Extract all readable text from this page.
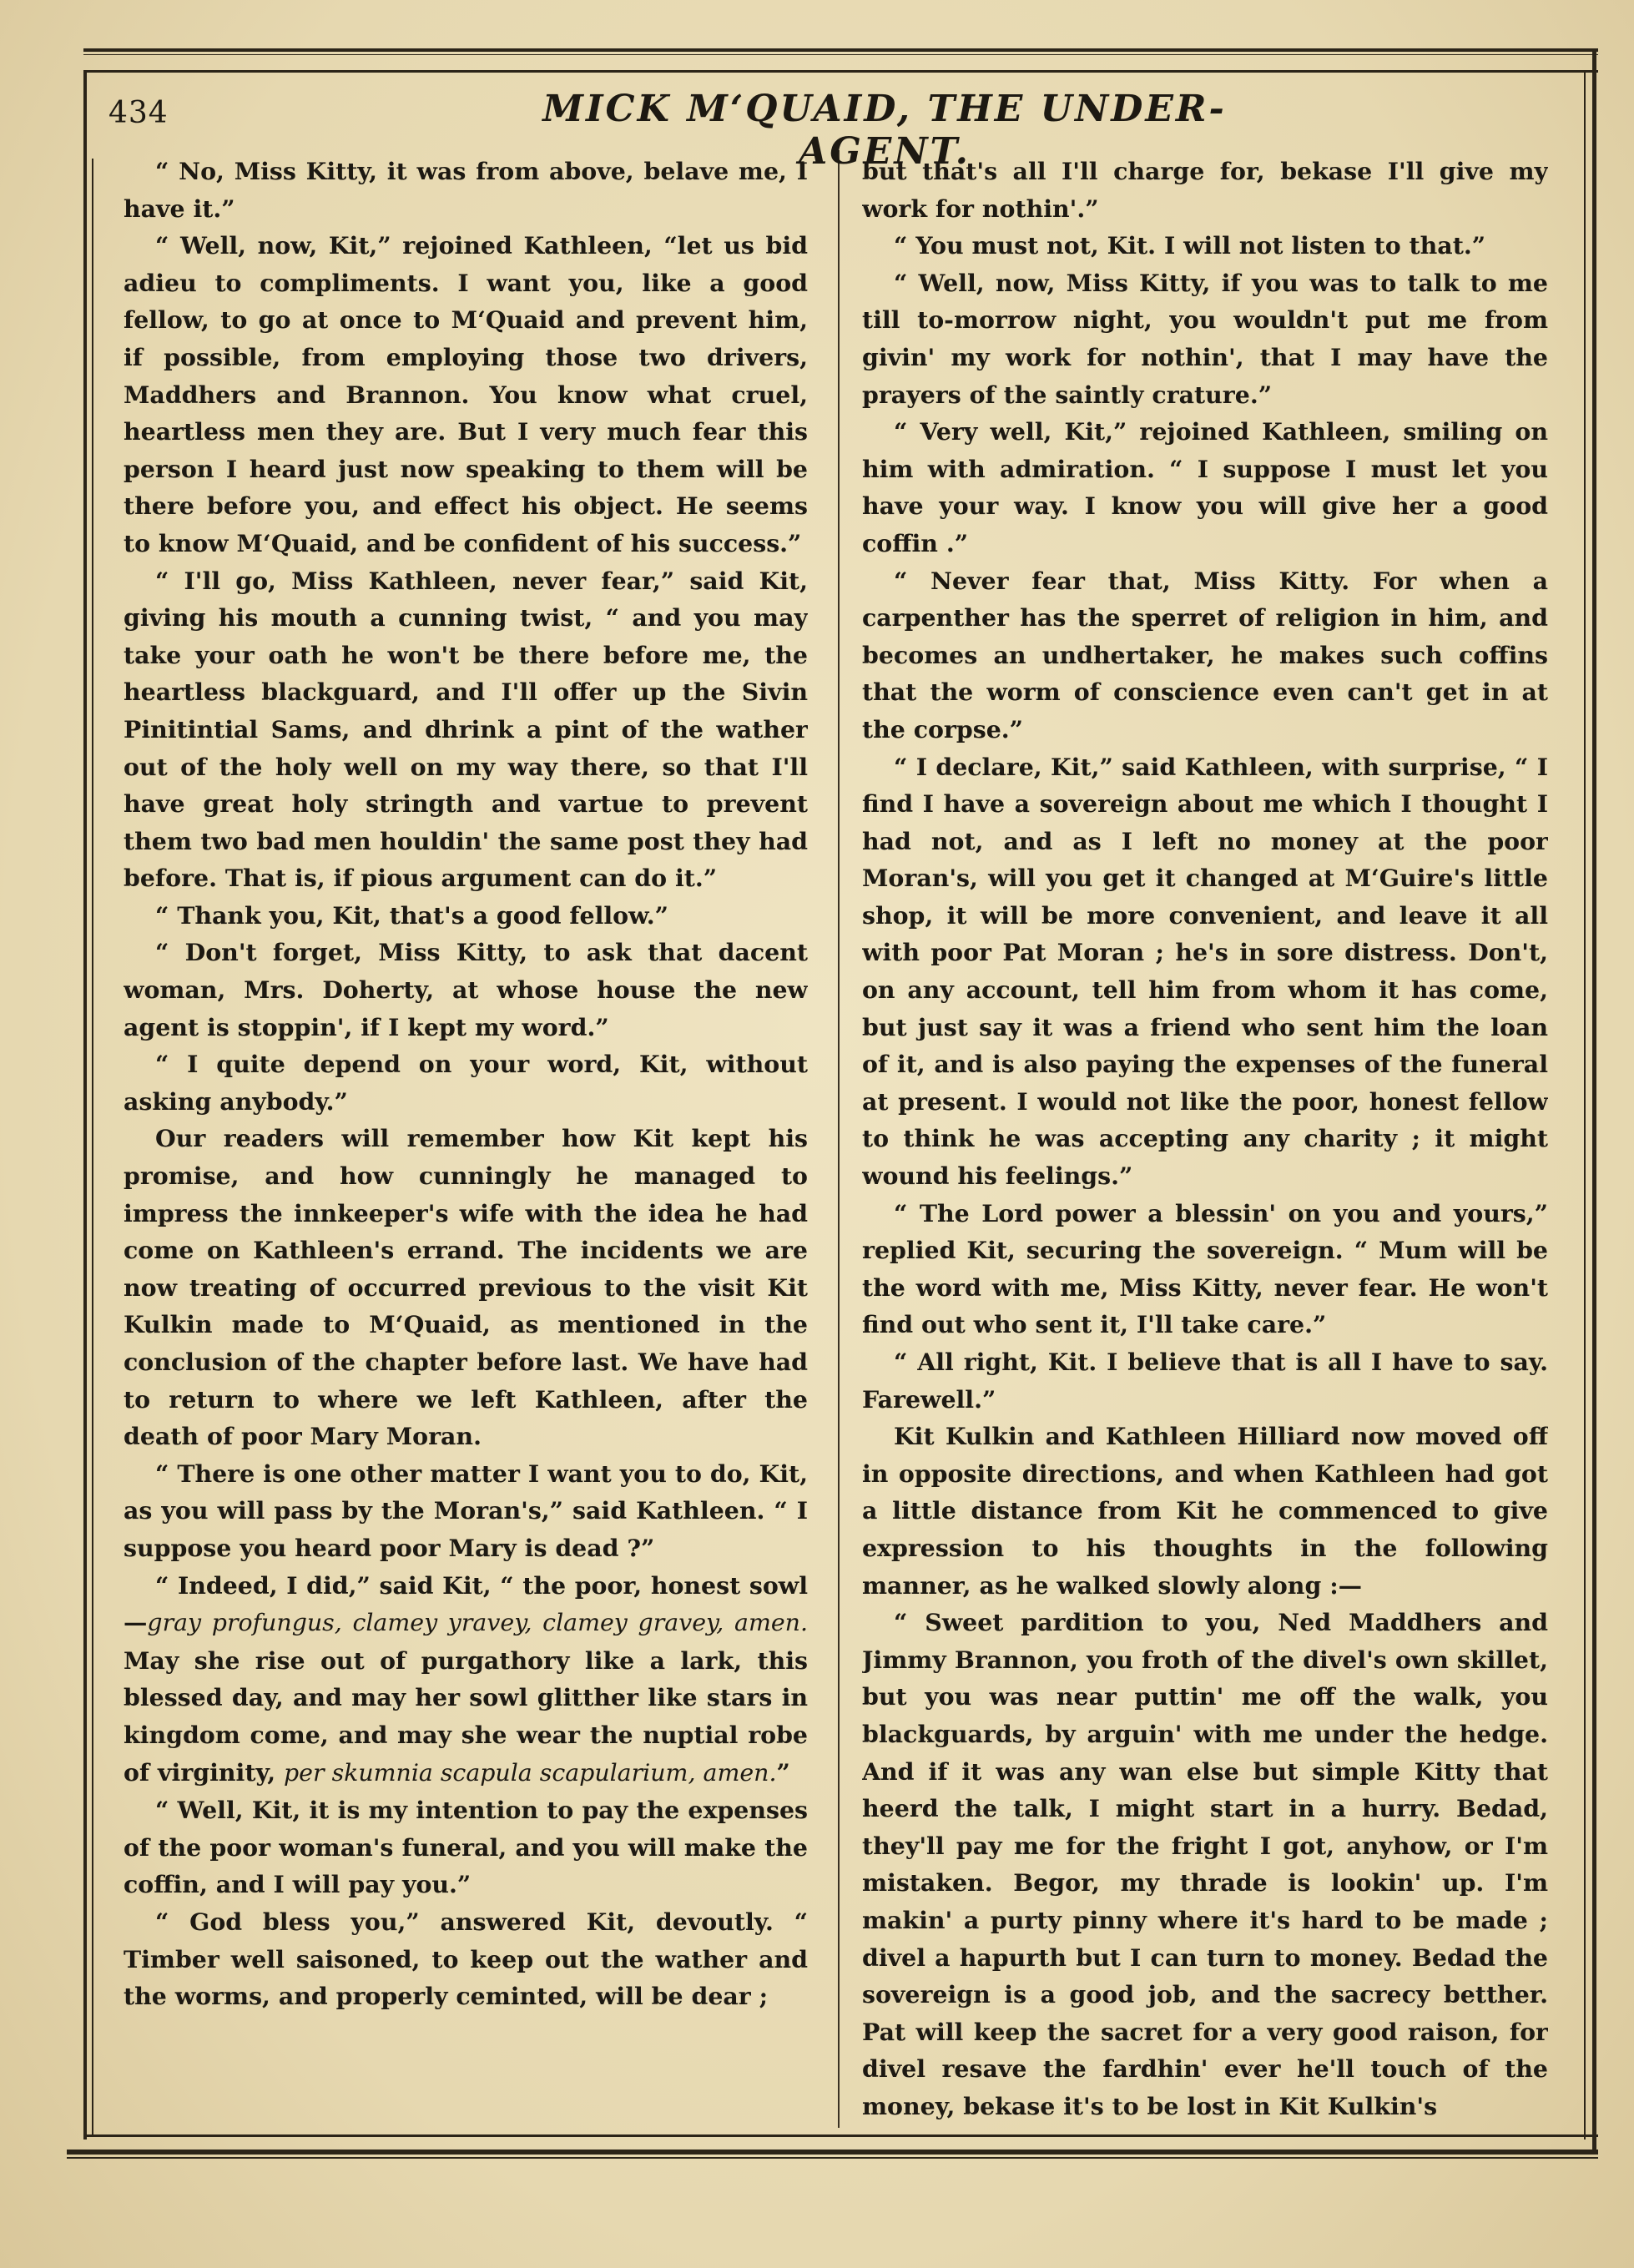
434	MICK M‘QUAID, THE UNDER-AGENT.

“ No, Miss Kitty, it was from above, belave me, I have it.”

“ Well, now, Kit,” rejoined Kathleen, “let us bid adieu to compliments. I want you, like a good fellow, to go at once to M‘Quaid and prevent him, if possible, from employing those two drivers, Maddhers and Brannon. You know what cruel, heartless men they are. But I very much fear this person I heard just now speaking to them will be there before you, and effect his object. He seems to know M‘Quaid, and be confident of his success.”

“ I'll go, Miss Kathleen, never fear,” said Kit, giving his mouth a cunning twist, “ and you may take your oath he won't be there before me, the heartless blackguard, and I'll offer up the Sivin Pinitintial Sams, and dhrink a pint of the wather out of the holy well on my way there, so that I'll have great holy stringth and vartue to prevent them two bad men houldin' the same post they had before. That is, if pious argument can do it.”

“ Thank you, Kit, that's a good fellow.”

“ Don't forget, Miss Kitty, to ask that dacent woman, Mrs. Doherty, at whose house the new agent is stoppin', if I kept my word.”

“ I quite depend on your word, Kit, without asking anybody.”

Our readers will remember how Kit kept his promise, and how cunningly he managed to impress the innkeeper's wife with the idea he had come on Kathleen's errand. The incidents we are now treating of occurred previous to the visit Kit Kulkin made to M‘Quaid, as mentioned in the conclusion of the chapter before last. We have had to return to where we left Kathleen, after the death of poor Mary Moran.

“ There is one other matter I want you to do, Kit, as you will pass by the Moran's,” said Kathleen. “ I suppose you heard poor Mary is dead ?”

“ Indeed, I did,” said Kit, “ the poor, honest sowl—gray profungus, clamey yravey, clamey gravey, amen. May she rise out of purgathory like a lark, this blessed day, and may her sowl glitther like stars in kingdom come, and may she wear the nuptial robe of virginity, per skumnia scapula scapularium, amen.”

“ Well, Kit, it is my intention to pay the expenses of the poor woman's funeral, and you will make the coffin, and I will pay you.”

“ God bless you,” answered Kit, devoutly. “ Timber well saisoned, to keep out the wather and the worms, and properly ceminted, will be dear ;

but that's all I'll charge for, bekase I'll give my work for nothin'.”

“ You must not, Kit. I will not listen to that.”

“ Well, now, Miss Kitty, if you was to talk to me till to-morrow night, you wouldn't put me from givin' my work for nothin', that I may have the prayers of the saintly crature.”

“ Very well, Kit,” rejoined Kathleen, smiling on him with admiration. “ I suppose I must let you have your way. I know you will give her a good coffin .”

“ Never fear that, Miss Kitty. For when a carpenther has the sperret of religion in him, and becomes an undhertaker, he makes such coffins that the worm of conscience even can't get in at the corpse.”

“ I declare, Kit,” said Kathleen, with surprise, “ I find I have a sovereign about me which I thought I had not, and as I left no money at the poor Moran's, will you get it changed at M‘Guire's little shop, it will be more convenient, and leave it all with poor Pat Moran ; he's in sore distress. Don't, on any account, tell him from whom it has come, but just say it was a friend who sent him the loan of it, and is also paying the expenses of the funeral at present. I would not like the poor, honest fellow to think he was accepting any charity ; it might wound his feelings.”

“ The Lord power a blessin' on you and yours,” replied Kit, securing the sovereign. “ Mum will be the word with me, Miss Kitty, never fear. He won't find out who sent it, I'll take care.”

“ All right, Kit. I believe that is all I have to say. Farewell.”

Kit Kulkin and Kathleen Hilliard now moved off in opposite directions, and when Kathleen had got a little distance from Kit he commenced to give expression to his thoughts in the following manner, as he walked slowly along :—

“ Sweet pardition to you, Ned Maddhers and Jimmy Brannon, you froth of the divel's own skillet, but you was near puttin' me off the walk, you blackguards, by arguin' with me under the hedge. And if it was any wan else but simple Kitty that heerd the talk, I might start in a hurry. Bedad, they'll pay me for the fright I got, anyhow, or I'm mistaken. Begor, my thrade is lookin' up. I'm makin' a purty pinny where it's hard to be made ; divel a hapurth but I can turn to money. Bedad the sovereign is a good job, and the sacrecy betther. Pat will keep the sacret for a very good raison, for divel resave the fardhin' ever he'll touch of the money, bekase it's to be lost in Kit Kulkin's
